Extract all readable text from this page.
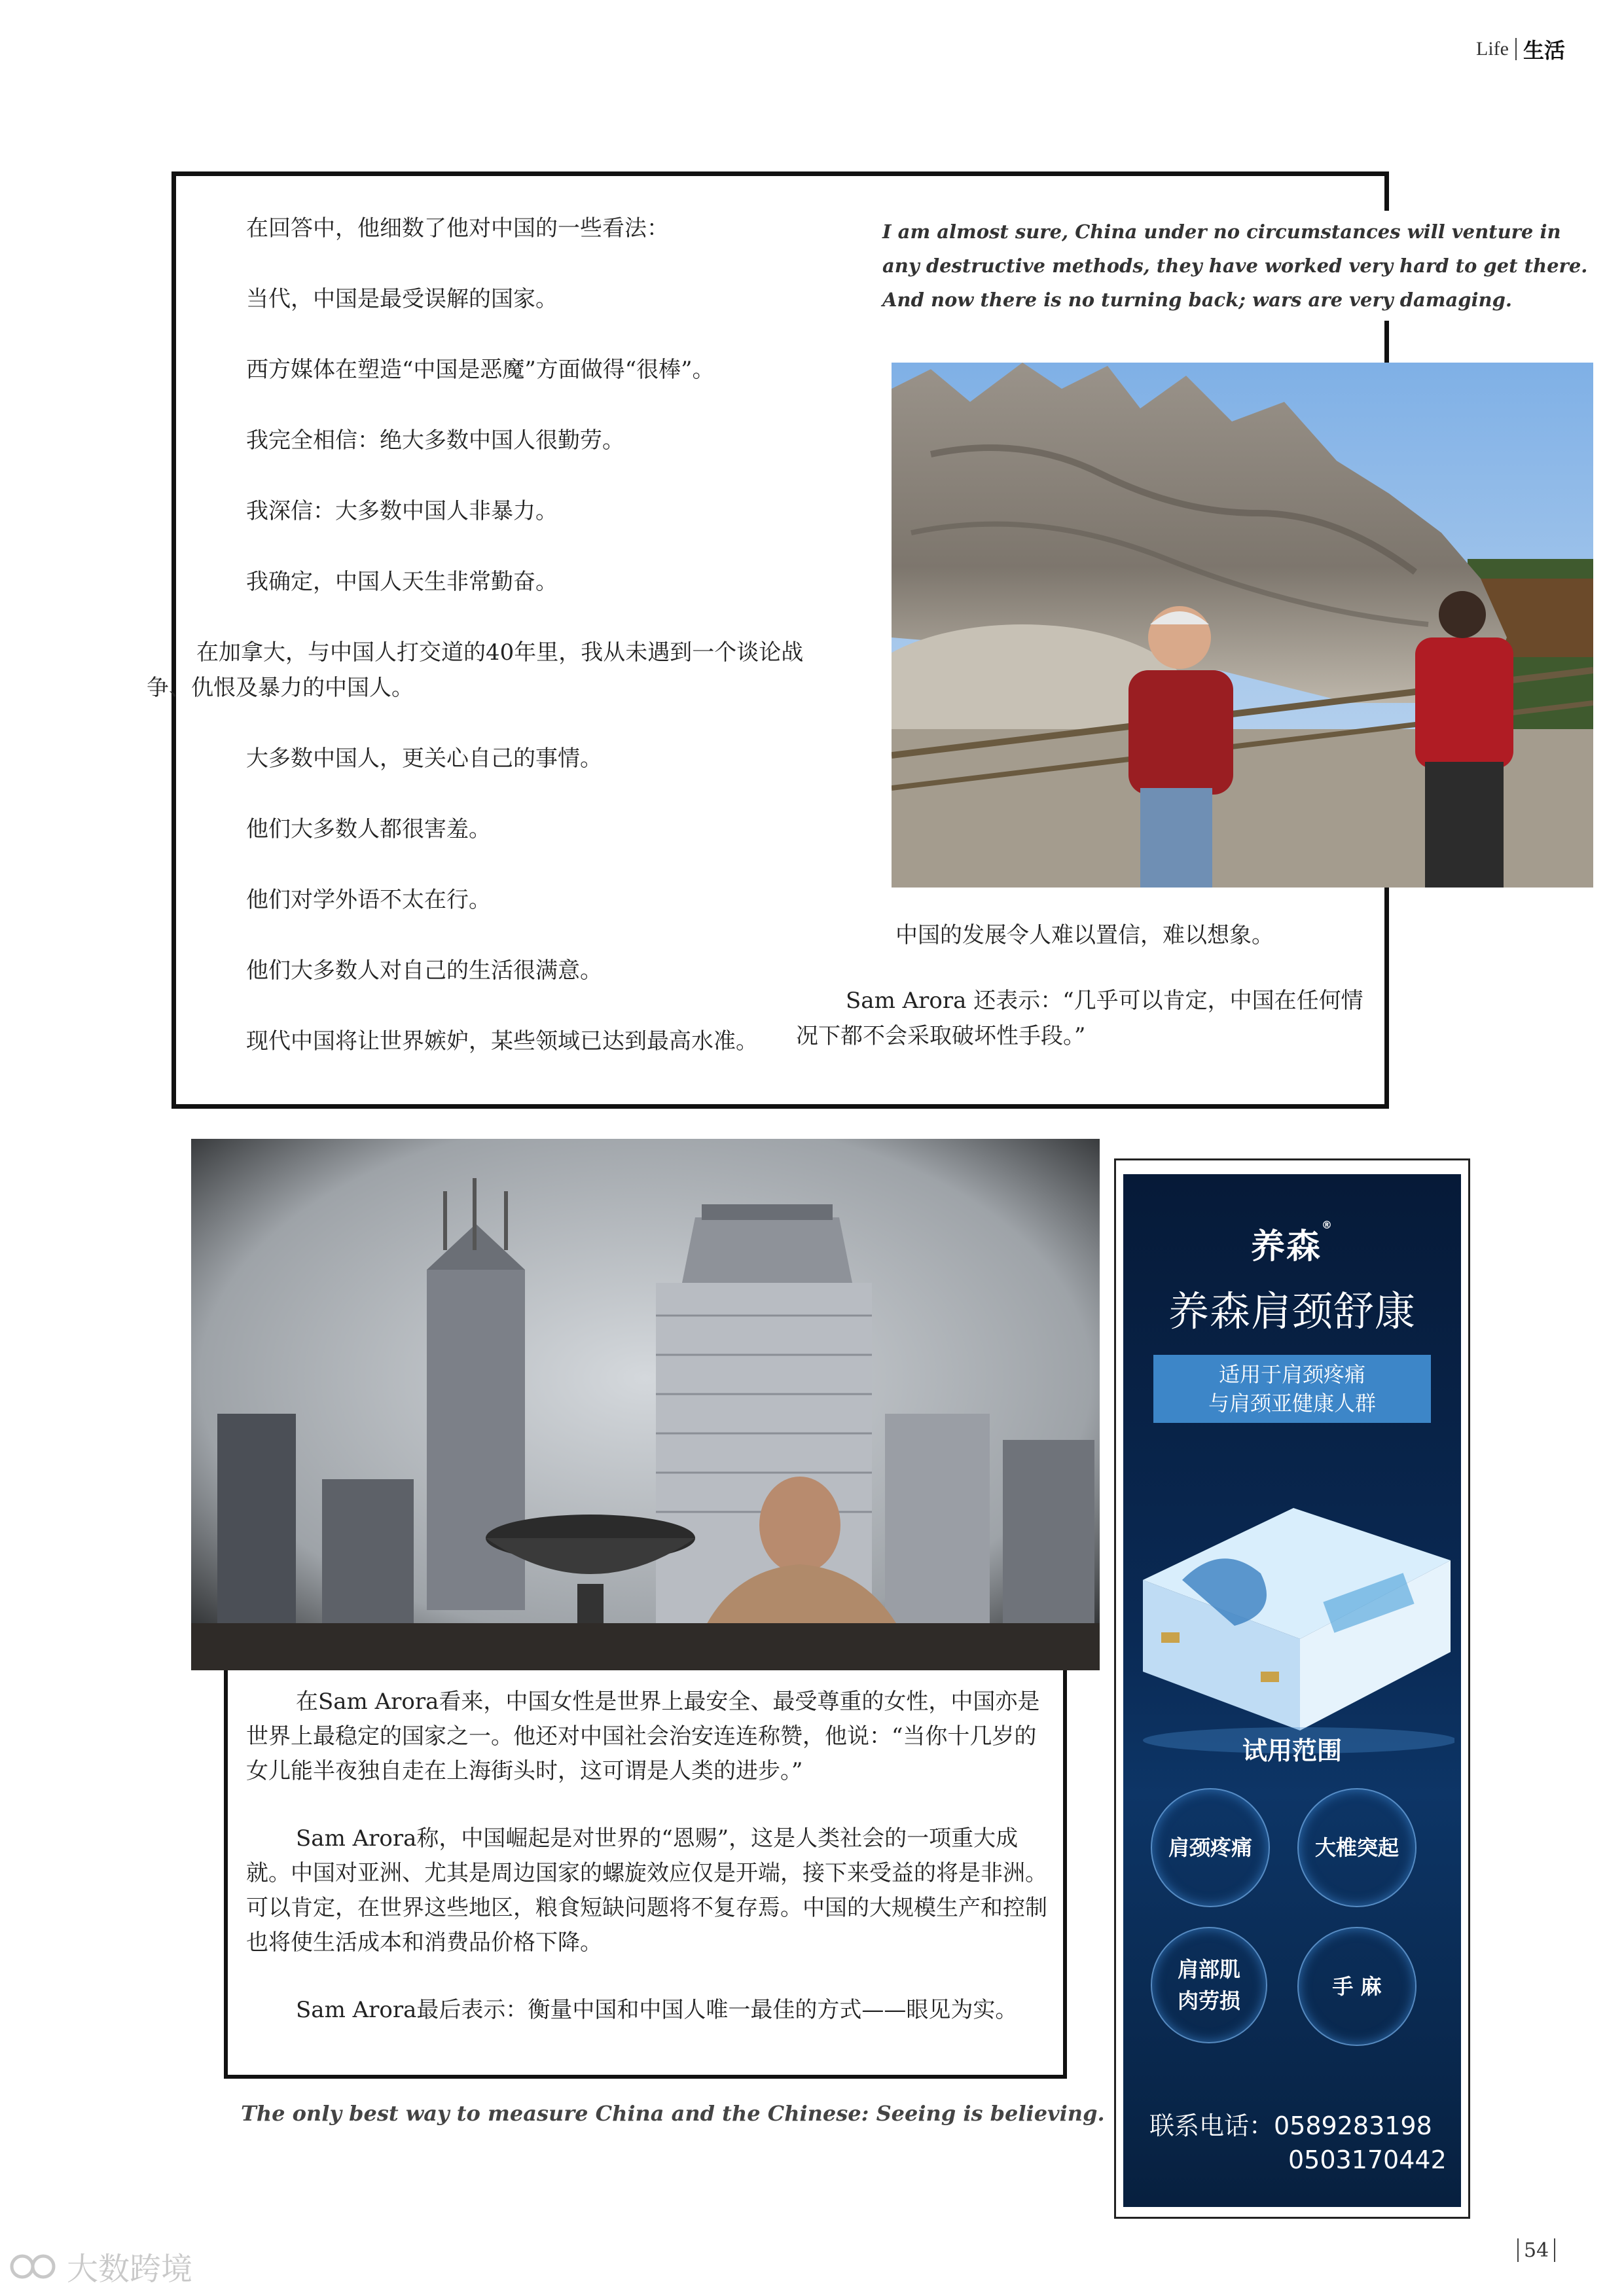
Life 生活

在回答中，他细数了他对中国的一些看法：

当代，中国是最受误解的国家。

西方媒体在塑造“中国是恶魔”方面做得“很棒”。

我完全相信：绝大多数中国人很勤劳。

我深信：大多数中国人非暴力。

我确定，中国人天生非常勤奋。

在加拿大，与中国人打交道的40年里，我从未遇到一个谈论战争、仇恨及暴力的中国人。

大多数中国人，更关心自己的事情。

他们大多数人都很害羞。

他们对学外语不太在行。

他们大多数人对自己的生活很满意。

现代中国将让世界嫉妒，某些领域已达到最高水准。

I am almost sure, China under no circumstances will venture in any destructive methods, they have worked very hard to get there. And now there is no turning back; wars are very damaging.

中国的发展令人难以置信，难以想象。

Sam Arora 还表示：“几乎可以肯定，中国在任何情况下都不会采取破坏性手段。”

在Sam Arora看来，中国女性是世界上最安全、最受尊重的女性，中国亦是世界上最稳定的国家之一。他还对中国社会治安连连称赞，他说：“当你十几岁的女儿能半夜独自走在上海街头时，这可谓是人类的进步。”

Sam Arora称，中国崛起是对世界的“恩赐”，这是人类社会的一项重大成就。中国对亚洲、尤其是周边国家的螺旋效应仅是开端，接下来受益的将是非洲。 可以肯定，在世界这些地区，粮食短缺问题将不复存焉。中国的大规模生产和控制也将使生活成本和消费品价格下降。

Sam Arora最后表示：衡量中国和中国人唯一最佳的方式——眼见为实。

The only best way to measure China and the Chinese: Seeing is believing.
养森®
养森肩颈舒康
适用于肩颈疼痛
与肩颈亚健康人群
试用范围
肩颈疼痛	大椎突起
肩部肌肉劳损
手 麻
联系电话：0589283198
0503170442
54
大数跨境
